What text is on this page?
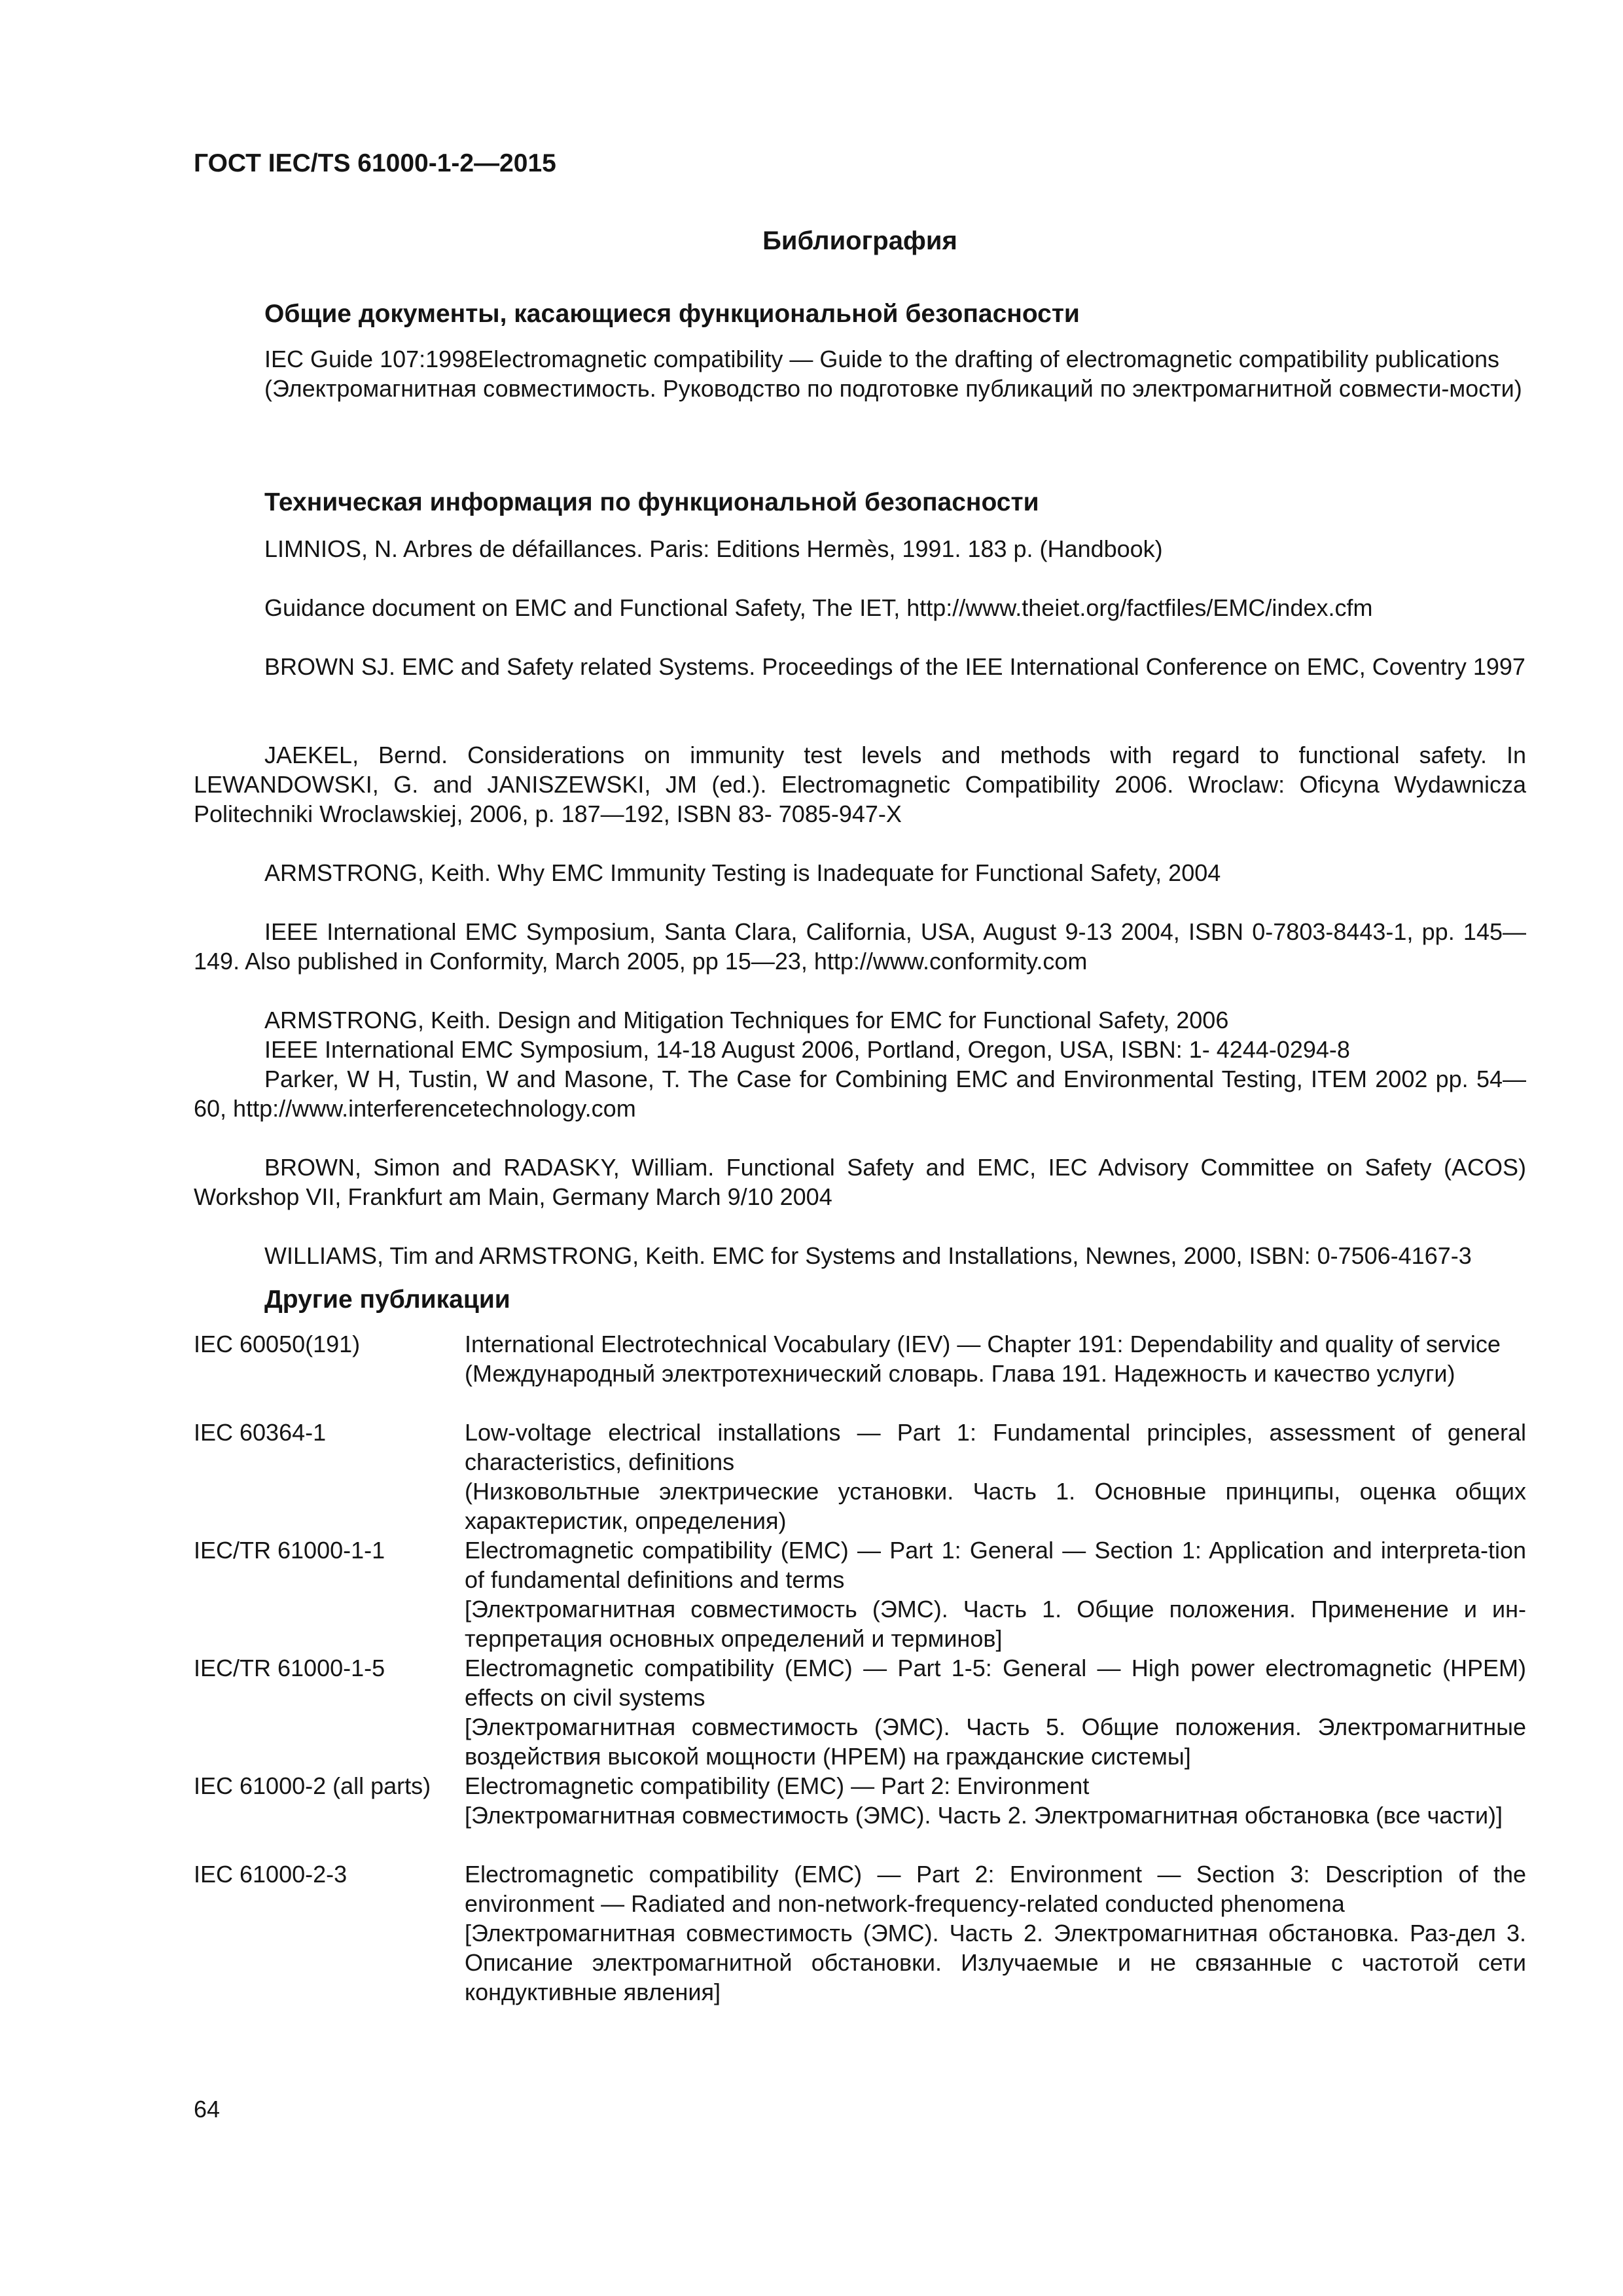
ГОСТ IEC/TS 61000-1-2—2015
Библиография
Общие документы, касающиеся функциональной безопасности
IEC Guide 107:1998Electromagnetic compatibility — Guide to the drafting of electromagnetic compatibility publications
(Электромагнитная совместимость. Руководство по подготовке публикаций по электромагнитной совмести-мости)
Техническая информация по функциональной безопасности
LIMNIOS, N. Arbres de défaillances. Paris: Editions Hermès, 1991. 183 p. (Handbook)
Guidance document on EMC and Functional Safety, The IET, http://www.theiet.org/factfiles/EMC/index.cfm
BROWN SJ. EMC and Safety related Systems. Proceedings of the IEE International Conference on EMC, Coventry 1997
JAEKEL, Bernd. Considerations on immunity test levels and methods with regard to functional safety. In LEWANDOWSKI, G. and JANISZEWSKI, JM (ed.). Electromagnetic Compatibility 2006. Wroclaw: Oficyna Wydawnicza Politechniki Wroclawskiej, 2006, p. 187—192, ISBN 83- 7085-947-X
ARMSTRONG, Keith. Why EMC Immunity Testing is Inadequate for Functional Safety, 2004
IEEE International EMC Symposium, Santa Clara, California, USA, August 9-13 2004, ISBN 0-7803-8443-1, pp. 145—149. Also published in Conformity, March 2005, pp 15—23, http://www.conformity.com
ARMSTRONG, Keith. Design and Mitigation Techniques for EMC for Functional Safety, 2006
IEEE International EMC Symposium, 14-18 August 2006, Portland, Oregon, USA, ISBN: 1- 4244-0294-8
Parker, W H, Tustin, W and Masone, T. The Case for Combining EMC and Environmental Testing, ITEM 2002 pp. 54—60, http://www.interferencetechnology.com
BROWN, Simon and RADASKY, William. Functional Safety and EMC, IEC Advisory Committee on Safety (ACOS) Workshop VII, Frankfurt am Main, Germany March 9/10 2004
WILLIAMS, Tim and ARMSTRONG, Keith. EMC for Systems and Installations, Newnes, 2000, ISBN: 0-7506-4167-3
Другие публикации
IEC 60050(191)	International Electrotechnical Vocabulary (IEV) — Chapter 191: Dependability and quality of service
(Международный электротехнический словарь. Глава 191. Надежность и качество услуги)
IEC 60364-1	Low-voltage electrical installations — Part 1: Fundamental principles, assessment of general characteristics, definitions
(Низковольтные электрические установки. Часть 1. Основные принципы, оценка общих характеристик, определения)
IEC/TR 61000-1-1	Electromagnetic compatibility (EMC) — Part 1: General — Section 1: Application and interpreta-tion of fundamental definitions and terms
[Электромагнитная совместимость (ЭМС). Часть 1. Общие положения. Применение и ин-терпретация основных определений и терминов]
IEC/TR 61000-1-5	Electromagnetic compatibility (EMC) — Part 1-5: General — High power electromagnetic (HPEM) effects on civil systems
[Электромагнитная совместимость (ЭМС). Часть 5. Общие положения. Электромагнитные воздействия высокой мощности (HPEM) на гражданские системы]
IEC 61000-2 (all parts) Electromagnetic compatibility (EMC) — Part 2: Environment
[Электромагнитная совместимость (ЭМС). Часть 2. Электромагнитная обстановка (все части)]
IEC 61000-2-3	Electromagnetic compatibility (EMC) — Part 2: Environment — Section 3: Description of the environment — Radiated and non-network-frequency-related conducted phenomena
[Электромагнитная совместимость (ЭМС). Часть 2. Электромагнитная обстановка. Раз-дел 3. Описание электромагнитной обстановки. Излучаемые и не связанные с частотой сети кондуктивные явления]
64
